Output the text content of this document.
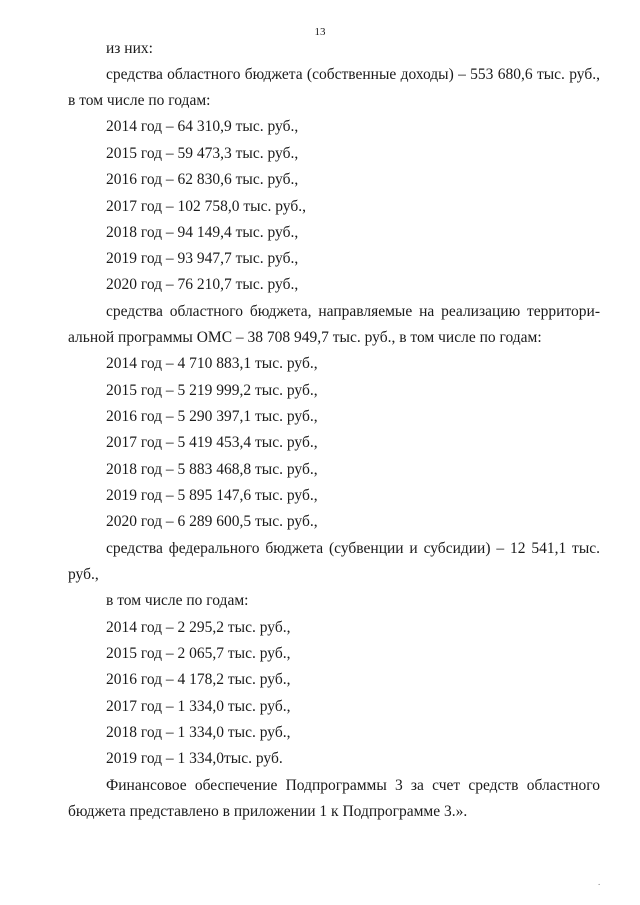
13
из них:
средства областного бюджета (собственные доходы) – 553 680,6 тыс. руб.,
в том числе по годам:
2014 год – 64 310,9 тыс. руб.,
2015 год – 59 473,3 тыс. руб.,
2016 год – 62 830,6 тыс. руб.,
2017 год – 102 758,0 тыс. руб.,
2018 год – 94 149,4 тыс. руб.,
2019 год – 93 947,7 тыс. руб.,
2020 год – 76 210,7 тыс. руб.,
средства областного бюджета, направляемые на реализацию территори-
альной программы ОМС – 38 708 949,7 тыс. руб., в том числе по годам:
2014 год – 4 710 883,1 тыс. руб.,
2015 год – 5 219 999,2 тыс. руб.,
2016 год – 5 290 397,1 тыс. руб.,
2017 год – 5 419 453,4 тыс. руб.,
2018 год – 5 883 468,8 тыс. руб.,
2019 год – 5 895 147,6 тыс. руб.,
2020 год – 6 289 600,5 тыс. руб.,
средства федерального бюджета (субвенции и субсидии) – 12 541,1 тыс.
руб.,
в том числе по годам:
2014 год – 2 295,2 тыс. руб.,
2015 год – 2 065,7 тыс. руб.,
2016 год – 4 178,2 тыс. руб.,
2017 год – 1 334,0 тыс. руб.,
2018 год – 1 334,0 тыс. руб.,
2019 год – 1 334,0тыс. руб.
Финансовое обеспечение Подпрограммы 3 за счет средств областного
бюджета представлено в приложении 1 к Подпрограмме 3.».
.
